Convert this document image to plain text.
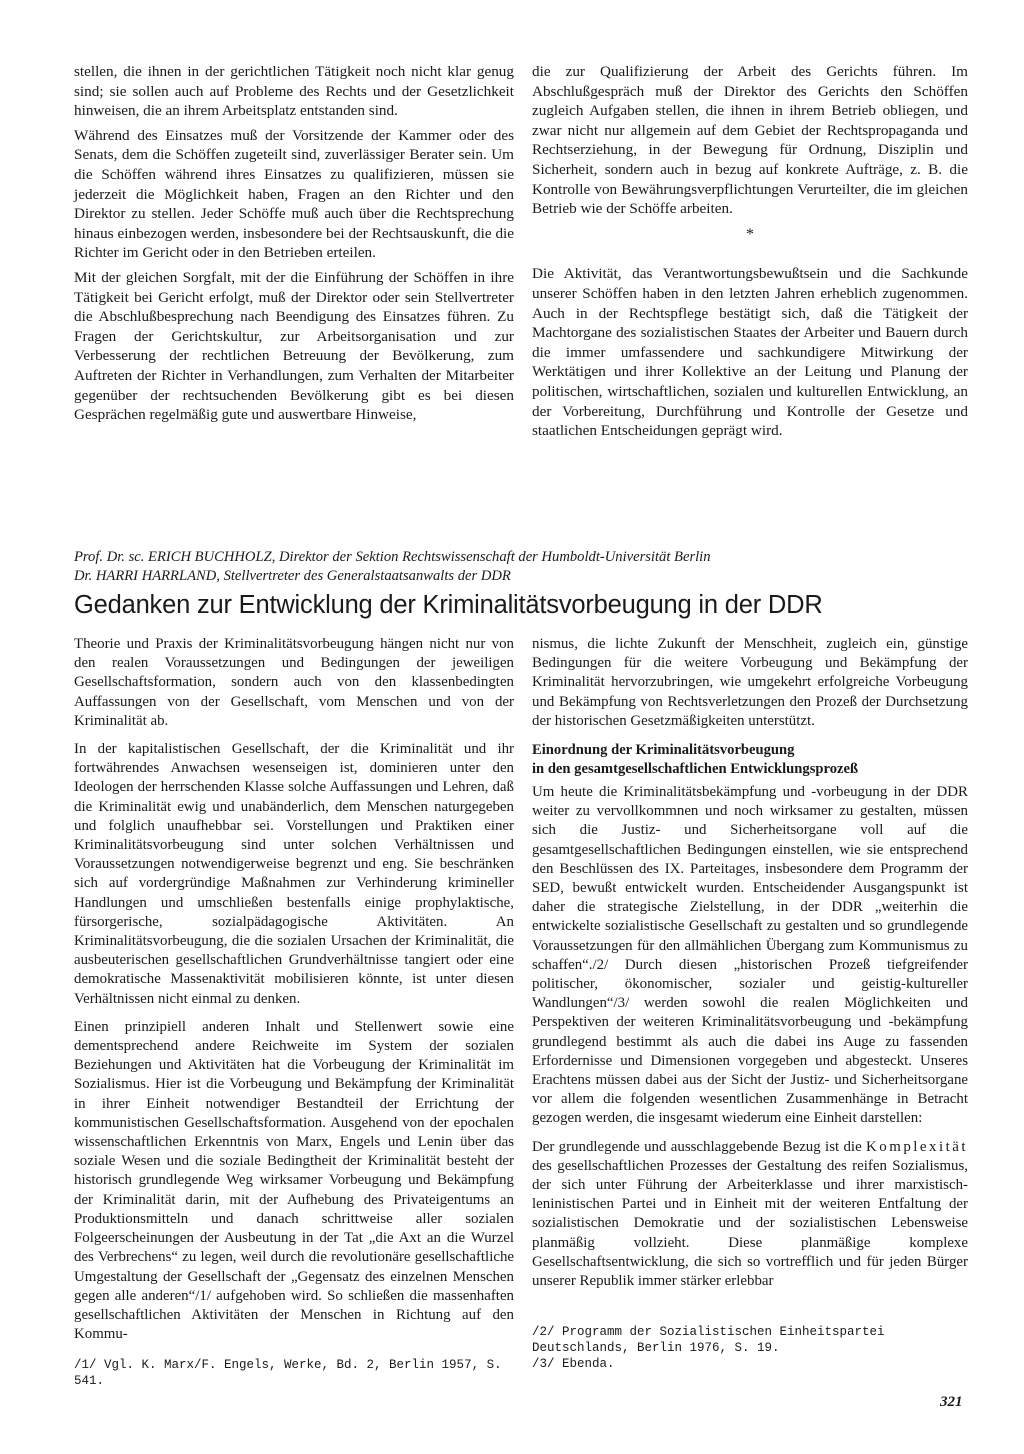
stellen, die ihnen in der gerichtlichen Tätigkeit noch nicht klar genug sind; sie sollen auch auf Probleme des Rechts und der Gesetzlichkeit hinweisen, die an ihrem Arbeitsplatz entstanden sind.

Während des Einsatzes muß der Vorsitzende der Kammer oder des Senats, dem die Schöffen zugeteilt sind, zuverlässiger Berater sein. Um die Schöffen während ihres Einsatzes zu qualifizieren, müssen sie jederzeit die Möglichkeit haben, Fragen an den Richter und den Direktor zu stellen. Jeder Schöffe muß auch über die Rechtsprechung hinaus einbezogen werden, insbesondere bei der Rechtsauskunft, die die Richter im Gericht oder in den Betrieben erteilen.

Mit der gleichen Sorgfalt, mit der die Einführung der Schöffen in ihre Tätigkeit bei Gericht erfolgt, muß der Direktor oder sein Stellvertreter die Abschlußbesprechung nach Beendigung des Einsatzes führen. Zu Fragen der Gerichtskultur, zur Arbeitsorganisation und zur Verbesserung der rechtlichen Betreuung der Bevölkerung, zum Auftreten der Richter in Verhandlungen, zum Verhalten der Mitarbeiter gegenüber der rechtsuchenden Bevölkerung gibt es bei diesen Gesprächen regelmäßig gute und auswertbare Hinweise,

die zur Qualifizierung der Arbeit des Gerichts führen. Im Abschlußgespräch muß der Direktor des Gerichts den Schöffen zugleich Aufgaben stellen, die ihnen in ihrem Betrieb obliegen, und zwar nicht nur allgemein auf dem Gebiet der Rechtspropaganda und Rechtserziehung, in der Bewegung für Ordnung, Disziplin und Sicherheit, sondern auch in bezug auf konkrete Aufträge, z. B. die Kontrolle von Bewährungsverpflichtungen Verurteilter, die im gleichen Betrieb wie der Schöffe arbeiten.

*

Die Aktivität, das Verantwortungsbewußtsein und die Sachkunde unserer Schöffen haben in den letzten Jahren erheblich zugenommen. Auch in der Rechtspflege bestätigt sich, daß die Tätigkeit der Machtorgane des sozialistischen Staates der Arbeiter und Bauern durch die immer umfassendere und sachkundigere Mitwirkung der Werktätigen und ihrer Kollektive an der Leitung und Planung der politischen, wirtschaftlichen, sozialen und kulturellen Entwicklung, an der Vorbereitung, Durchführung und Kontrolle der Gesetze und staatlichen Entscheidungen geprägt wird.

Prof. Dr. sc. ERICH BUCHHOLZ, Direktor der Sektion Rechtswissenschaft der Humboldt-Universität Berlin
Dr. HARRI HARRLAND, Stellvertreter des Generalstaatsanwalts der DDR
Gedanken zur Entwicklung der Kriminalitätsvorbeugung in der DDR

Theorie und Praxis der Kriminalitätsvorbeugung hängen nicht nur von den realen Voraussetzungen und Bedingungen der jeweiligen Gesellschaftsformation, sondern auch von den klassenbedingten Auffassungen von der Gesellschaft, vom Menschen und von der Kriminalität ab.

In der kapitalistischen Gesellschaft, der die Kriminalität und ihr fortwährendes Anwachsen wesenseigen ist, dominieren unter den Ideologen der herrschenden Klasse solche Auffassungen und Lehren, daß die Kriminalität ewig und unabänderlich, dem Menschen naturgegeben und folglich unaufhebbar sei. Vorstellungen und Praktiken einer Kriminalitätsvorbeugung sind unter solchen Verhältnissen und Voraussetzungen notwendigerweise begrenzt und eng. Sie beschränken sich auf vordergründige Maßnahmen zur Verhinderung krimineller Handlungen und umschließen bestenfalls einige prophylaktische, fürsorgerische, sozialpädagogische Aktivitäten. An Kriminalitätsvorbeugung, die die sozialen Ursachen der Kriminalität, die ausbeuterischen gesellschaftlichen Grundverhältnisse tangiert oder eine demokratische Massenaktivität mobilisieren könnte, ist unter diesen Verhältnissen nicht einmal zu denken.

Einen prinzipiell anderen Inhalt und Stellenwert sowie eine dementsprechend andere Reichweite im System der sozialen Beziehungen und Aktivitäten hat die Vorbeugung der Kriminalität im Sozialismus. Hier ist die Vorbeugung und Bekämpfung der Kriminalität in ihrer Einheit notwendiger Bestandteil der Errichtung der kommunistischen Gesellschaftsformation. Ausgehend von der epochalen wissenschaftlichen Erkenntnis von Marx, Engels und Lenin über das soziale Wesen und die soziale Bedingtheit der Kriminalität besteht der historisch grundlegende Weg wirksamer Vorbeugung und Bekämpfung der Kriminalität darin, mit der Aufhebung des Privateigentums an Produktionsmitteln und danach schrittweise aller sozialen Folgeerscheinungen der Ausbeutung in der Tat „die Axt an die Wurzel des Verbrechens“ zu legen, weil durch die revolutionäre gesellschaftliche Umgestaltung der Gesellschaft der „Gegensatz des einzelnen Menschen gegen alle anderen“/1/ aufgehoben wird. So schließen die massenhaften gesellschaftlichen Aktivitäten der Menschen in Richtung auf den Kommu-

nismus, die lichte Zukunft der Menschheit, zugleich ein, günstige Bedingungen für die weitere Vorbeugung und Bekämpfung der Kriminalität hervorzubringen, wie umgekehrt erfolgreiche Vorbeugung und Bekämpfung von Rechtsverletzungen den Prozeß der Durchsetzung der historischen Gesetzmäßigkeiten unterstützt.

Einordnung der Kriminalitätsvorbeugung
in den gesamtgesellschaftlichen Entwicklungsprozeß

Um heute die Kriminalitätsbekämpfung und -vorbeugung in der DDR weiter zu vervollkommnen und noch wirksamer zu gestalten, müssen sich die Justiz- und Sicherheitsorgane voll auf die gesamtgesellschaftlichen Bedingungen einstellen, wie sie entsprechend den Beschlüssen des IX. Parteitages, insbesondere dem Programm der SED, bewußt entwickelt wurden. Entscheidender Ausgangspunkt ist daher die strategische Zielstellung, in der DDR „weiterhin die entwickelte sozialistische Gesellschaft zu gestalten und so grundlegende Voraussetzungen für den allmählichen Übergang zum Kommunismus zu schaffen“./2/ Durch diesen „historischen Prozeß tiefgreifender politischer, ökonomischer, sozialer und geistig-kultureller Wandlungen“/3/ werden sowohl die realen Möglichkeiten und Perspektiven der weiteren Kriminalitätsvorbeugung und -bekämpfung grundlegend bestimmt als auch die dabei ins Auge zu fassenden Erfordernisse und Dimensionen vorgegeben und abgesteckt. Unseres Erachtens müssen dabei aus der Sicht der Justiz- und Sicherheitsorgane vor allem die folgenden wesentlichen Zusammenhänge in Betracht gezogen werden, die insgesamt wiederum eine Einheit darstellen:

Der grundlegende und ausschlaggebende Bezug ist die Komplexität des gesellschaftlichen Prozesses der Gestaltung des reifen Sozialismus, der sich unter Führung der Arbeiterklasse und ihrer marxistisch-leninistischen Partei und in Einheit mit der weiteren Entfaltung der sozialistischen Demokratie und der sozialistischen Lebensweise planmäßig vollzieht. Diese planmäßige komplexe Gesellschaftsentwicklung, die sich so vortrefflich und für jeden Bürger unserer Republik immer stärker erlebbar

/1/ Vgl. K. Marx/F. Engels, Werke, Bd. 2, Berlin 1957, S. 541.
/2/ Programm der Sozialistischen Einheitspartei Deutschlands, Berlin 1976, S. 19.
/3/ Ebenda.
321
